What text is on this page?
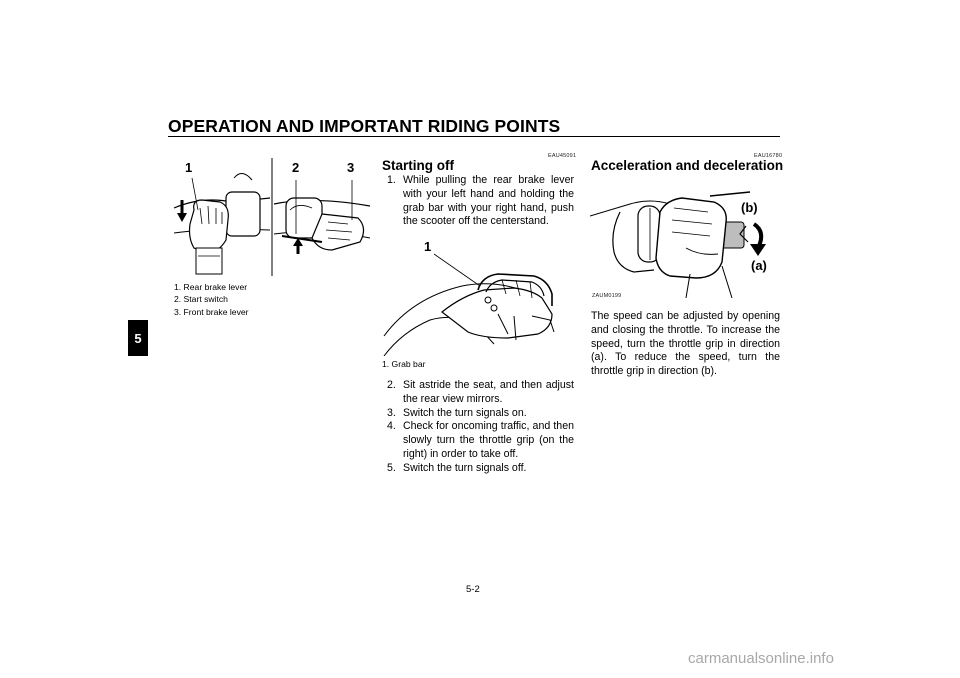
OPERATION AND IMPORTANT RIDING POINTS
5
1	2	3
1. Rear brake lever
2. Start switch
3. Front brake lever
EAU45091
Starting off
1. While pulling the rear brake lever with your left hand and holding the grab bar with your right hand, push the scooter off the centerstand.
1
1. Grab bar
2. Sit astride the seat, and then adjust the rear view mirrors.
3. Switch the turn signals on.
4. Check for oncoming traffic, and then slowly turn the throttle grip (on the right) in order to take off.
5. Switch the turn signals off.
EAU16780
Acceleration and deceleration
(b)
(a)
ZAUM0199
The speed can be adjusted by opening and closing the throttle. To increase the speed, turn the throttle grip in direction (a). To reduce the speed, turn the throttle grip in direction (b).
5-2
carmanualsonline.info
